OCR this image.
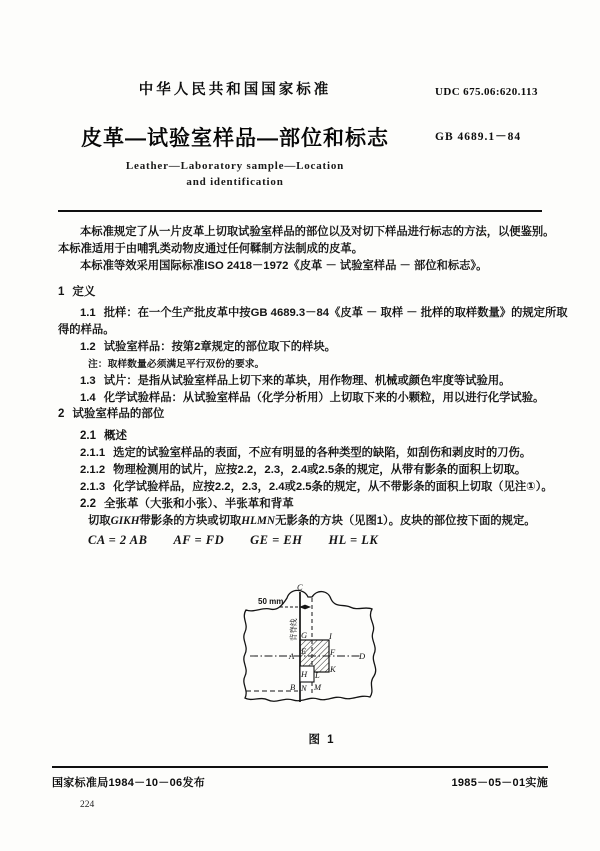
中华人民共和国国家标准	UDC 675.06:620.113
皮革—试验室样品—部位和标志	GB 4689.1－84
Leather—Laboratory sample—Location
and identification
本标准规定了从一片皮革上切取试验室样品的部位以及对切下样品进行标志的方法，以便鉴别。
本标准适用于由哺乳类动物皮通过任何鞣制方法制成的皮革。
本标准等效采用国际标准ISO 2418－1972《皮革 － 试验室样品 － 部位和标志》。
1 定义
1.1 批样：在一个生产批皮革中按GB 4689.3－84《皮革 － 取样 － 批样的取样数量》的规定所取
得的样品。
1.2 试验室样品：按第2章规定的部位取下的样块。
注：取样数量必须满足平行双份的要求。
1.3 试片：是指从试验室样品上切下来的革块，用作物理、机械或颜色牢度等试验用。
1.4 化学试验样品：从试验室样品（化学分析用）上切取下来的小颗粒，用以进行化学试验。
2 试验室样品的部位
2.1 概述
2.1.1 选定的试验室样品的表面，不应有明显的各种类型的缺陷，如刮伤和剥皮时的刀伤。
2.1.2 物理检测用的试片，应按2.2，2.3，2.4或2.5条的规定，从带有影条的面积上切取。
2.1.3 化学试验样品，应按2.2，2.3，2.4或2.5条的规定，从不带影条的面积上切取（见注①）。
2.2 全张革（大张和小张）、半张革和背革
切取GIKH带影条的方块或切取HLMN无影条的方块（见图1）。皮块的部位按下面的规定。
CA = 2 AB AF = FD GE = EH HL = LK
C
A
B
D
G	I
E	F
H L
K
N M
50 mm
背脊线
图 1
国家标准局1984－10－06发布	1985－05－01实施
224
